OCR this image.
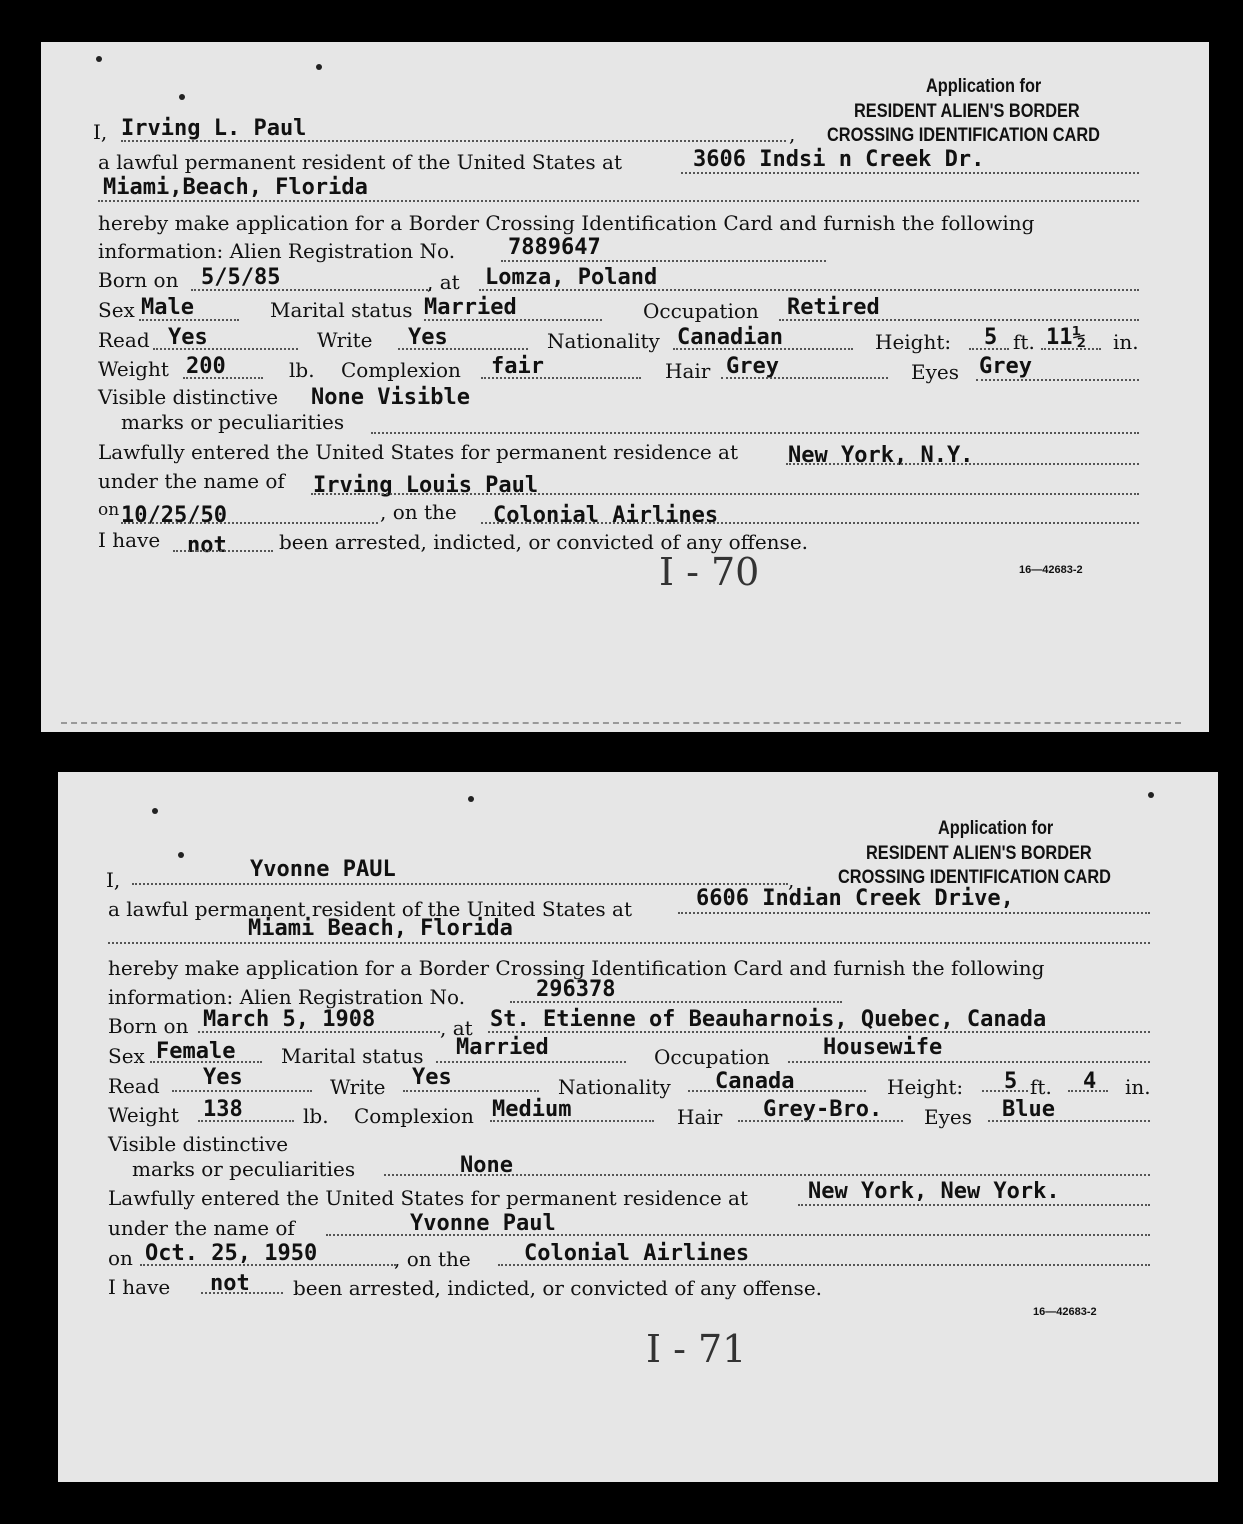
Application for
RESIDENT ALIEN'S BORDER
CROSSING IDENTIFICATION CARD
I, Irving L. Paul	,
a lawful permanent resident of the United States at	3606 Indsi n Creek Dr.
Miami,Beach, Florida
hereby make application for a Border Crossing Identification Card and furnish the following
information: Alien Registration No. 7889647
Born on 5/5/85	, at Lomza, Poland
Sex Male	Marital status Married	Occupation Retired
Read Yes	Write Yes	Nationality Canadian	Height: 5 ft. 11½ in.
Weight 200	lb. Complexion fair	Hair Grey	Eyes Grey
Visible distinctive None Visible
marks or peculiarities
Lawfully entered the United States for permanent residence at New York, N.Y.
under the name of Irving Louis Paul
on 10/25/50	, on the Colonial Airlines
I have not	been arrested, indicted, or convicted of any offense.
I - 70	16—42683-2
Application for
RESIDENT ALIEN'S BORDER
CROSSING IDENTIFICATION CARD
I,	Yvonne PAUL	,
a lawful permanent resident of the United States at	6606 Indian Creek Drive,
Miami Beach, Florida
hereby make application for a Border Crossing Identification Card and furnish the following
information: Alien Registration No.	296378
Born on March 5, 1908	, at St. Etienne of Beauharnois, Quebec, Canada
Sex Female Marital status Married	Occupation Housewife
Read Yes	Write Yes	Nationality Canada	Height: 5 ft. 4 in.
Weight 138	lb. Complexion Medium	Hair Grey-Bro. Eyes Blue
Visible distinctive
marks or peculiarities	None
Lawfully entered the United States for permanent residence at	New York, New York.
under the name of	Yvonne Paul
on Oct. 25, 1950	, on the Colonial Airlines
I have not been arrested, indicted, or convicted of any offense.
I - 71
16—42683-2
